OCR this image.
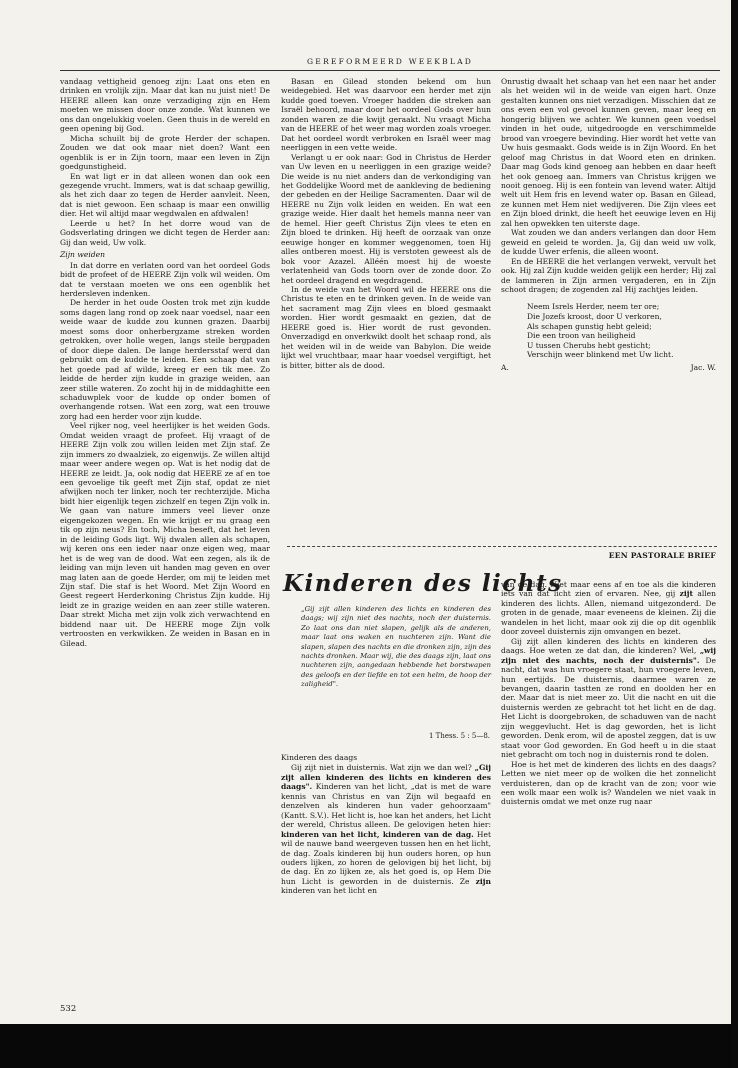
GEREFORMEERD WEEKBLAD

vandaag vettigheid genoeg zijn: Laat ons eten en drinken en vrolijk zijn. Maar dat kan nu juist niet! De HEERE alleen kan onze verzadiging zijn en Hem moeten we missen door onze zonde. Wat kunnen we ons dan ongelukkig voelen. Geen thuis in de wereld en geen opening bij God.

Micha schuilt bij de grote Herder der schapen. Zouden we dat ook maar niet doen? Want een ogenblik is er in Zijn toorn, maar een leven in Zijn goedgunstigheid.

En wat ligt er in dat alleen wonen dan ook een gezegende vrucht. Immers, wat is dat schaap gewillig, als het zich daar zo tegen de Herder aanvleit. Neen, dat is niet gewoon. Een schaap is maar een onwillig dier. Het wil altijd maar wegdwalen en afdwalen!

Leerde u het? In het dorre woud van de Godsverlating dringen we dicht tegen de Herder aan: Gij dan weid, Uw volk.

Zijn weiden

In dat dorre en verlaten oord van het oordeel Gods bidt de profeet of de HEERE Zijn volk wil weiden. Om dat te verstaan moeten we ons een ogenblik het herdersleven indenken.

De herder in het oude Oosten trok met zijn kudde soms dagen lang rond op zoek naar voedsel, naar een weide waar de kudde zou kunnen grazen. Daarbij moest soms door onherbergzame streken worden getrokken, over holle wegen, langs steile bergpaden of door diepe dalen. De lange herdersstaf werd dan gebruikt om de kudde te leiden. Een schaap dat van het goede pad af wilde, kreeg er een tik mee. Zo leidde de herder zijn kudde in grazige weiden, aan zeer stille wateren. Zo zocht hij in de middaghitte een schaduwplek voor de kudde op onder bomen of overhangende rotsen. Wat een zorg, wat een trouwe zorg had een herder voor zijn kudde.

Veel rijker nog, veel heerlijker is het weiden Gods. Omdat weiden vraagt de profeet. Hij vraagt of de HEERE Zijn volk zou willen leiden met Zijn staf. Ze zijn immers zo dwaalziek, zo eigenwijs. Ze willen altijd maar weer andere wegen op. Wat is het nodig dat de HEERE ze leidt. Ja, ook nodig dat HEERE ze af en toe een gevoelige tik geeft met Zijn staf, opdat ze niet afwijken noch ter linker, noch ter rechterzijde. Micha bidt hier eigenlijk tegen zichzelf en tegen Zijn volk in. We gaan van nature immers veel liever onze eigengekozen wegen. En wie krijgt er nu graag een tik op zijn neus? En toch, Micha beseft, dat het leven in de leiding Gods ligt. Wij dwalen allen als schapen, wij keren ons een ieder naar onze eigen weg, maar het is de weg van de dood. Wat een zegen, als ik de leiding van mijn leven uit handen mag geven en over mag laten aan de goede Herder, om mij te leiden met Zijn staf. Die staf is het Woord. Met Zijn Woord en Geest regeert Herderkoning Christus Zijn kudde. Hij leidt ze in grazige weiden en aan zeer stille wateren. Daar strekt Micha met zijn volk zich verwachtend en biddend naar uit. De HEERE moge Zijn volk vertroosten en verkwikken. Ze weiden in Basan en in Gilead.

Basan en Gilead stonden bekend om hun weidegebied. Het was daarvoor een herder met zijn kudde goed toeven. Vroeger hadden die streken aan Israël behoord, maar door het oordeel Gods over hun zonden waren ze die kwijt geraakt. Nu vraagt Micha van de HEERE of het weer mag worden zoals vroeger. Dat het oordeel wordt verbroken en Israël weer mag neerliggen in een vette weide.

Verlangt u er ook naar: God in Christus de Herder van Uw leven en u neerliggen in een grazige weide? Die weide is nu niet anders dan de verkondiging van het Goddelijke Woord met de aankleving de bediening der gebeden en der Heilige Sacramenten. Daar wil de HEERE nu Zijn volk leiden en weiden. En wat een grazige weide. Hier daalt het hemels manna neer van de hemel. Hier geeft Christus Zijn vlees te eten en Zijn bloed te drinken. Hij heeft de oorzaak van onze eeuwige honger en kommer weggenomen, toen Hij alles ontberen moest. Hij is verstoten geweest als de bok voor Azazel. Alléén moest hij de woeste verlatenheid van Gods toorn over de zonde door. Zo het oordeel dragend en wegdragend.

In de weide van het Woord wil de HEERE ons die Christus te eten en te drinken geven. In de weide van het sacrament mag Zijn vlees en bloed gesmaakt worden. Hier wordt gesmaakt en gezien, dat de HEERE goed is. Hier wordt de rust gevonden. Onverzadigd en onverkwikt doolt het schaap rond, als het weiden wil in de weide van Babylon. Die weide lijkt wel vruchtbaar, maar haar voedsel vergiftigt, het is bitter, bitter als de dood.

Onrustig dwaalt het schaap van het een naar het ander als het weiden wil in de weide van eigen hart. Onze gestalten kunnen ons niet verzadigen. Misschien dat ze ons even een vol gevoel kunnen geven, maar leeg en hongerig blijven we achter. We kunnen geen voedsel vinden in het oude, uitgedroogde en verschimmelde brood van vroegere bevinding. Hier wordt het vette van Uw huis gesmaakt. Gods weide is in Zijn Woord. En het geloof mag Christus in dat Woord eten en drinken. Daar mag Gods kind genoeg aan hebben en daar heeft het ook genoeg aan. Immers van Christus krijgen we nooit genoeg. Hij is een fontein van levend water. Altijd welt uit Hem fris en levend water op. Basan en Gilead, ze kunnen met Hem niet wedijveren. Die Zijn vlees eet en Zijn bloed drinkt, die heeft het eeuwige leven en Hij zal hen opwekken ten uiterste dage.

Wat zouden we dan anders verlangen dan door Hem geweid en geleid te worden. Ja, Gij dan weid uw volk, de kudde Uwer erfenis, die alleen woont.

En de HEERE die het verlangen verwekt, vervult het ook. Hij zal Zijn kudde weiden gelijk een herder; Hij zal de lammeren in Zijn armen vergaderen, en in Zijn schoot dragen; de zogenden zal Hij zachtjes leiden.

Neem Isrels Herder, neem ter ore;
Die Jozefs kroost, door U verkoren,
Als schapen gunstig hebt geleid;
Die een troon van heiligheid
U tussen Cherubs hebt gesticht;
Verschijn weer blinkend met Uw licht.
A.	Jac. W.
EEN PASTORALE BRIEF
Kinderen des lichts
„Gij zijt allen kinderen des lichts en kinderen des daags; wij zijn niet des nachts, noch der duisternis. Zo laat ons dan niet slapen, gelijk als de anderen, maar laat ons waken en nuchteren zijn. Want die slapen, slapen des nachts en die dronken zijn, zijn des nachts dronken. Maar wij, die des daags zijn, laat ons nuchteren zijn, aangedaan hebbende het borstwapen des geloofs en der liefde en tot een helm, de hoop der zaligheid".
1 Thess. 5 : 5—8.
Kinderen des daags

Gij zijt niet in duisternis. Wat zijn we dan wel? „Gij zijt allen kinderen des lichts en kinderen des daags". Kinderen van het licht, „dat is met de ware kennis van Christus en van Zijn wil begaafd en denzelven als kinderen hun vader gehoorzaam" (Kantt. S.V.). Het licht is, hoe kan het anders, het Licht der wereld, Christus alleen. De gelovigen heten hier: kinderen van het licht, kinderen van de dag. Het wil de nauwe band weergeven tussen hen en het licht, de dag. Zoals kinderen bij hun ouders horen, op hun ouders lijken, zo horen de gelovigen bij het licht, bij de dag. En zo lijken ze, als het goed is, op Hem Die hun Licht is geworden in de duisternis. Ze zijn kinderen van het licht en

van de dag. Niet maar eens af en toe als die kinderen iets van dat licht zien of ervaren. Nee, gij zijt allen kinderen des lichts. Allen, niemand uitgezonderd. De groten in de genade, maar eveneens de kleinen. Zij die wandelen in het licht, maar ook zij die op dit ogenblik door zoveel duisternis zijn omvangen en bezet.

Gij zijt allen kinderen des lichts en kinderen des daags. Hoe weten ze dat dan, die kinderen? Wel, „wij zijn niet des nachts, noch der duisternis". De nacht, dat was hun vroegere staat, hun vroegere leven, hun eertijds. De duisternis, daarmee waren ze bevangen, daarin tastten ze rond en doolden her en der. Maar dat is niet meer zo. Uit die nacht en uit die duisternis werden ze gebracht tot het licht en de dag. Het Licht is doorgebroken, de schaduwen van de nacht zijn weggevlucht. Het is dag geworden, het is licht geworden. Denk erom, wil de apostel zeggen, dat is uw staat voor God geworden. En God heeft u in die staat niet gebracht om toch nog in duisternis rond te dolen.

Hoe is het met de kinderen des lichts en des daags? Letten we niet meer op de wolken die het zonnelicht verduisteren, dan op de kracht van de zon; voor wie een wolk maar een wolk is? Wandelen we niet vaak in duisternis omdat we met onze rug naar

532
